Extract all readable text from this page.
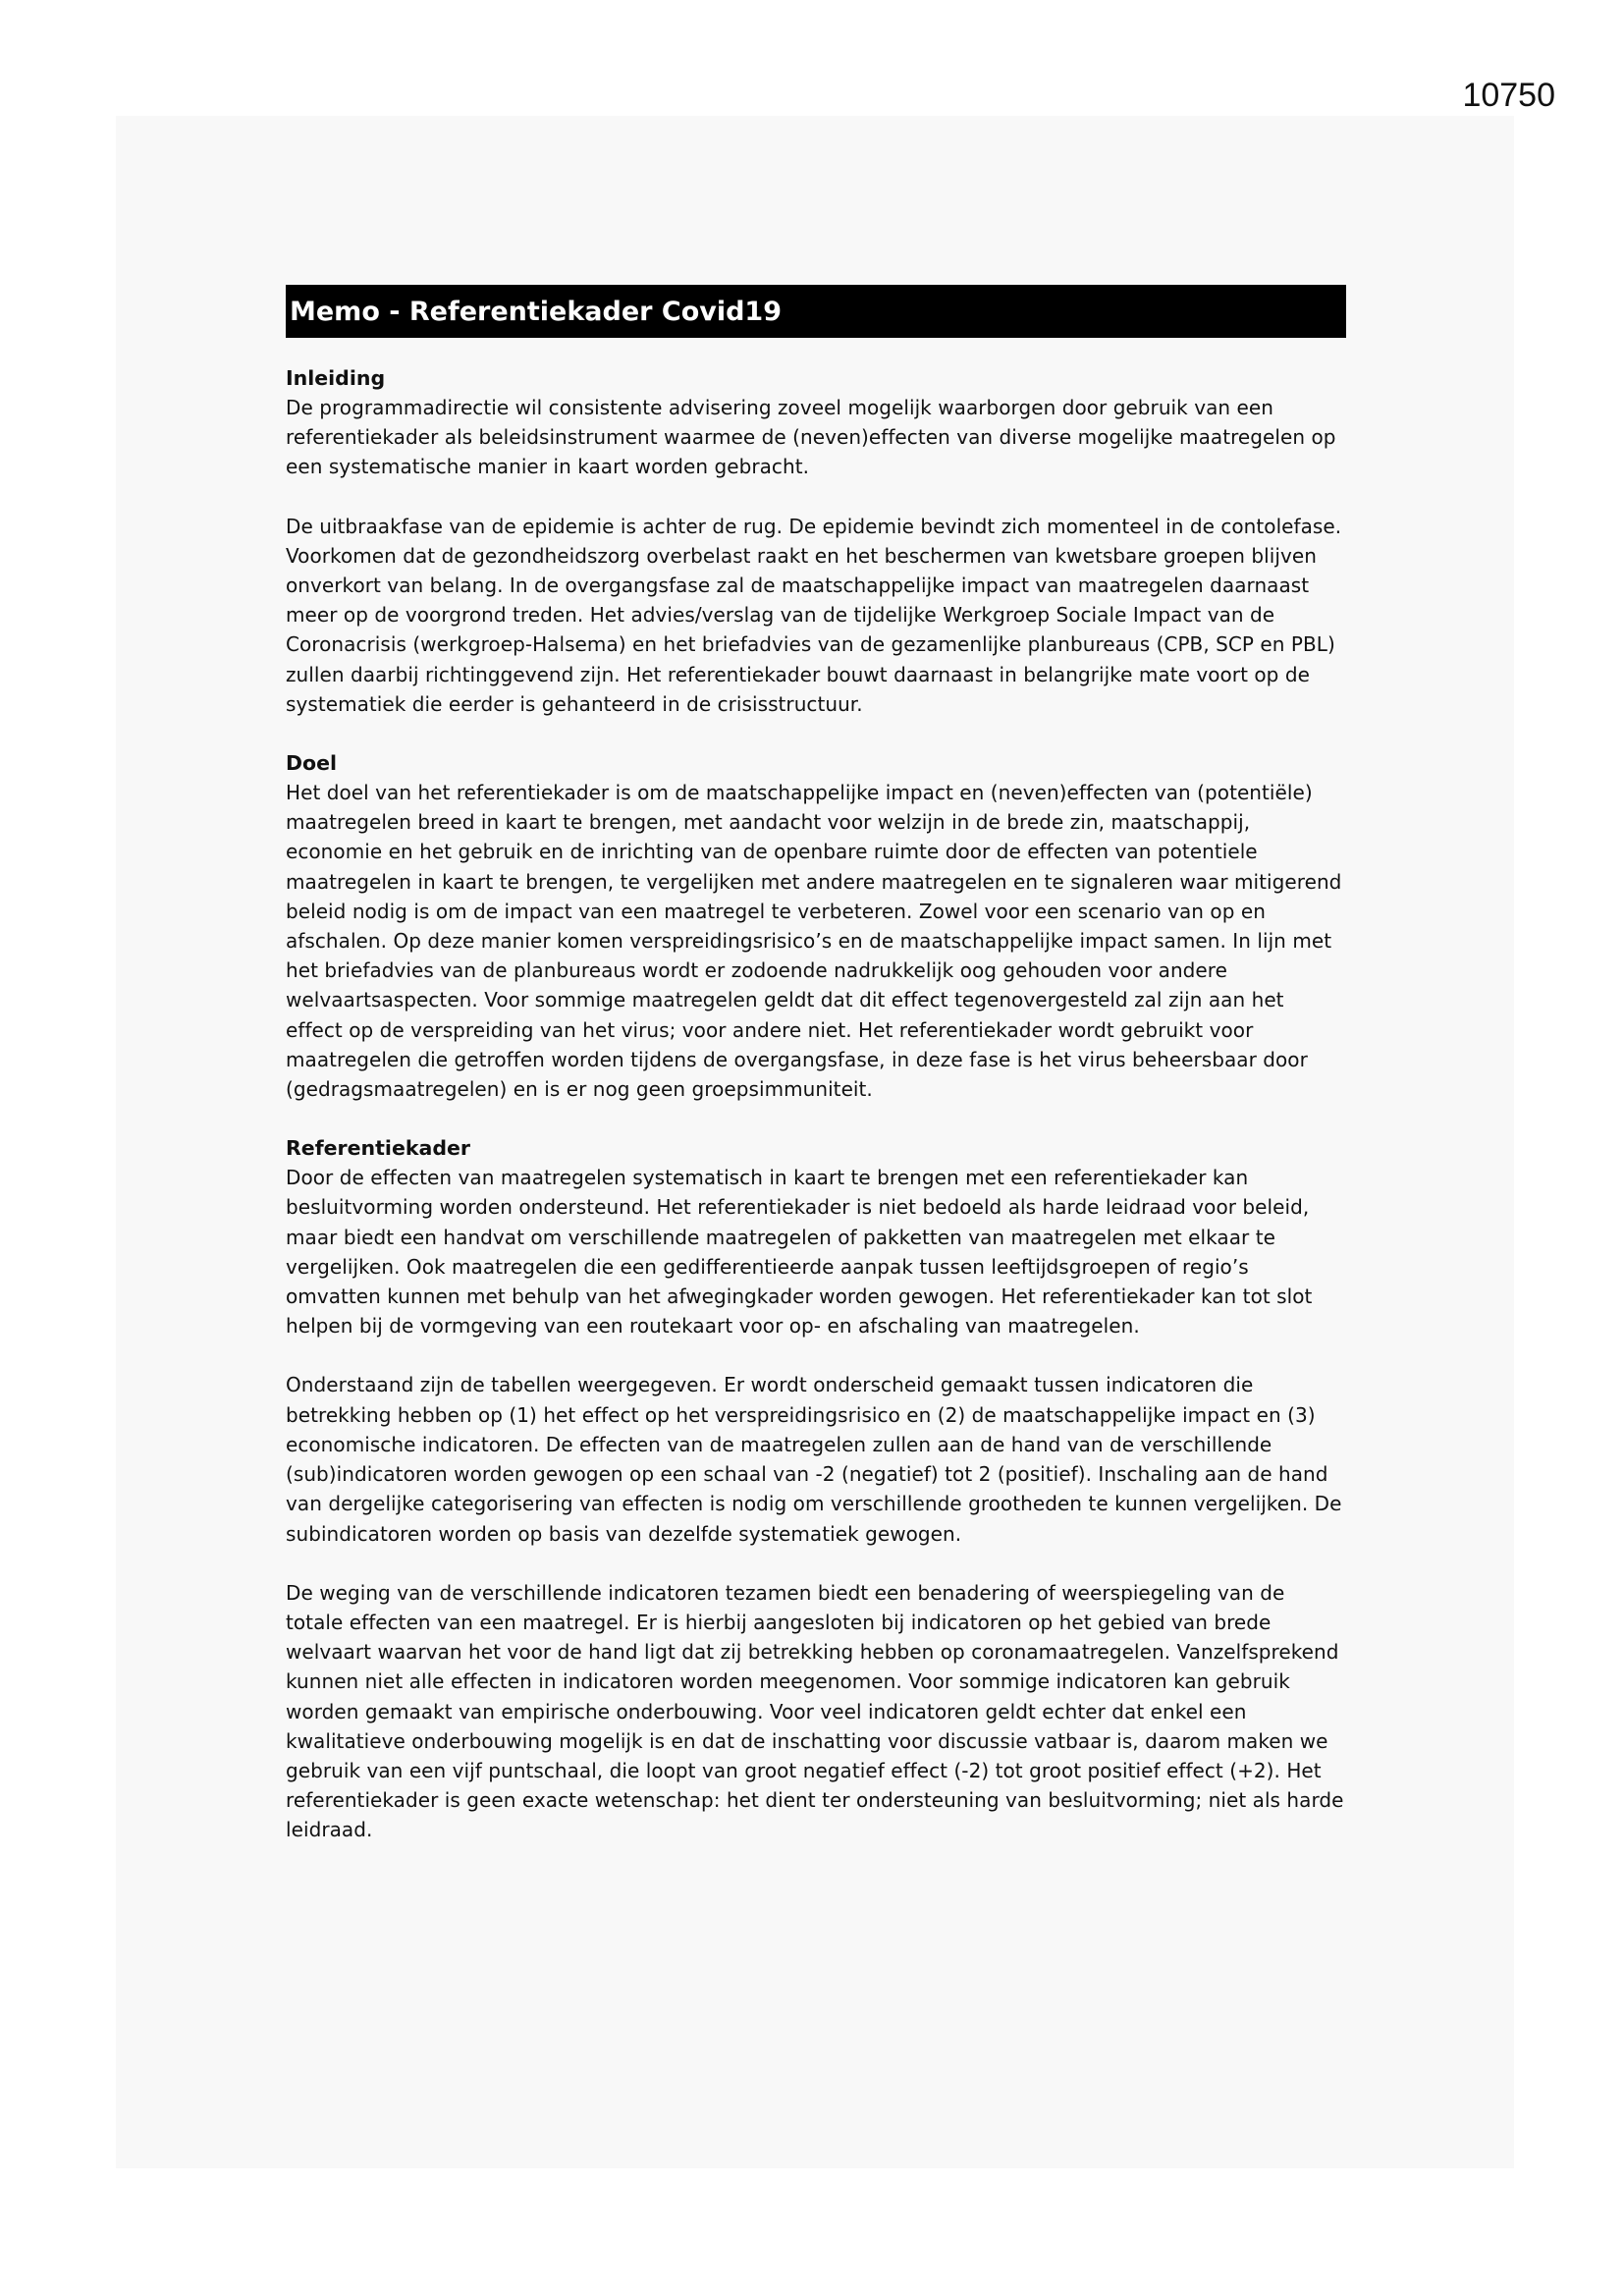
10750
Memo - Referentiekader Covid19
Inleiding

De programmadirectie wil consistente advisering zoveel mogelijk waarborgen door gebruik van een referentiekader als beleidsinstrument waarmee de (neven)effecten van diverse mogelijke maatregelen op een systematische manier in kaart worden gebracht.

De uitbraakfase van de epidemie is achter de rug. De epidemie bevindt zich momenteel in de contolefase. Voorkomen dat de gezondheidszorg overbelast raakt en het beschermen van kwetsbare groepen blijven onverkort van belang. In de overgangsfase zal de maatschappelijke impact van maatregelen daarnaast meer op de voorgrond treden. Het advies/verslag van de tijdelijke Werkgroep Sociale Impact van de Coronacrisis (werkgroep-Halsema) en het briefadvies van de gezamenlijke planbureaus (CPB, SCP en PBL) zullen daarbij richtinggevend zijn. Het referentiekader bouwt daarnaast in belangrijke mate voort op de systematiek die eerder is gehanteerd in de crisisstructuur.

Doel

Het doel van het referentiekader is om de maatschappelijke impact en (neven)effecten van (potentiële) maatregelen breed in kaart te brengen, met aandacht voor welzijn in de brede zin, maatschappij, economie en het gebruik en de inrichting van de openbare ruimte door de effecten van potentiele maatregelen in kaart te brengen, te vergelijken met andere maatregelen en te signaleren waar mitigerend beleid nodig is om de impact van een maatregel te verbeteren. Zowel voor een scenario van op en afschalen. Op deze manier komen verspreidingsrisico’s en de maatschappelijke impact samen. In lijn met het briefadvies van de planbureaus wordt er zodoende nadrukkelijk oog gehouden voor andere welvaartsaspecten. Voor sommige maatregelen geldt dat dit effect tegenovergesteld zal zijn aan het effect op de verspreiding van het virus; voor andere niet. Het referentiekader wordt gebruikt voor maatregelen die getroffen worden tijdens de overgangsfase, in deze fase is het virus beheersbaar door (gedragsmaatregelen) en is er nog geen groepsimmuniteit.

Referentiekader

Door de effecten van maatregelen systematisch in kaart te brengen met een referentiekader kan besluitvorming worden ondersteund. Het referentiekader is niet bedoeld als harde leidraad voor beleid, maar biedt een handvat om verschillende maatregelen of pakketten van maatregelen met elkaar te vergelijken. Ook maatregelen die een gedifferentieerde aanpak tussen leeftijdsgroepen of regio’s omvatten kunnen met behulp van het afwegingkader worden gewogen. Het referentiekader kan tot slot helpen bij de vormgeving van een routekaart voor op- en afschaling van maatregelen.

Onderstaand zijn de tabellen weergegeven. Er wordt onderscheid gemaakt tussen indicatoren die betrekking hebben op (1) het effect op het verspreidingsrisico en (2) de maatschappelijke impact en (3) economische indicatoren. De effecten van de maatregelen zullen aan de hand van de verschillende (sub)indicatoren worden gewogen op een schaal van -2 (negatief) tot 2 (positief). Inschaling aan de hand van dergelijke categorisering van effecten is nodig om verschillende grootheden te kunnen vergelijken. De subindicatoren worden op basis van dezelfde systematiek gewogen.

De weging van de verschillende indicatoren tezamen biedt een benadering of weerspiegeling van de totale effecten van een maatregel. Er is hierbij aangesloten bij indicatoren op het gebied van brede welvaart waarvan het voor de hand ligt dat zij betrekking hebben op coronamaatregelen. Vanzelfsprekend kunnen niet alle effecten in indicatoren worden meegenomen. Voor sommige indicatoren kan gebruik worden gemaakt van empirische onderbouwing. Voor veel indicatoren geldt echter dat enkel een kwalitatieve onderbouwing mogelijk is en dat de inschatting voor discussie vatbaar is, daarom maken we gebruik van een vijf puntschaal, die loopt van groot negatief effect (-2) tot groot positief effect (+2). Het referentiekader is geen exacte wetenschap: het dient ter ondersteuning van besluitvorming; niet als harde leidraad.
